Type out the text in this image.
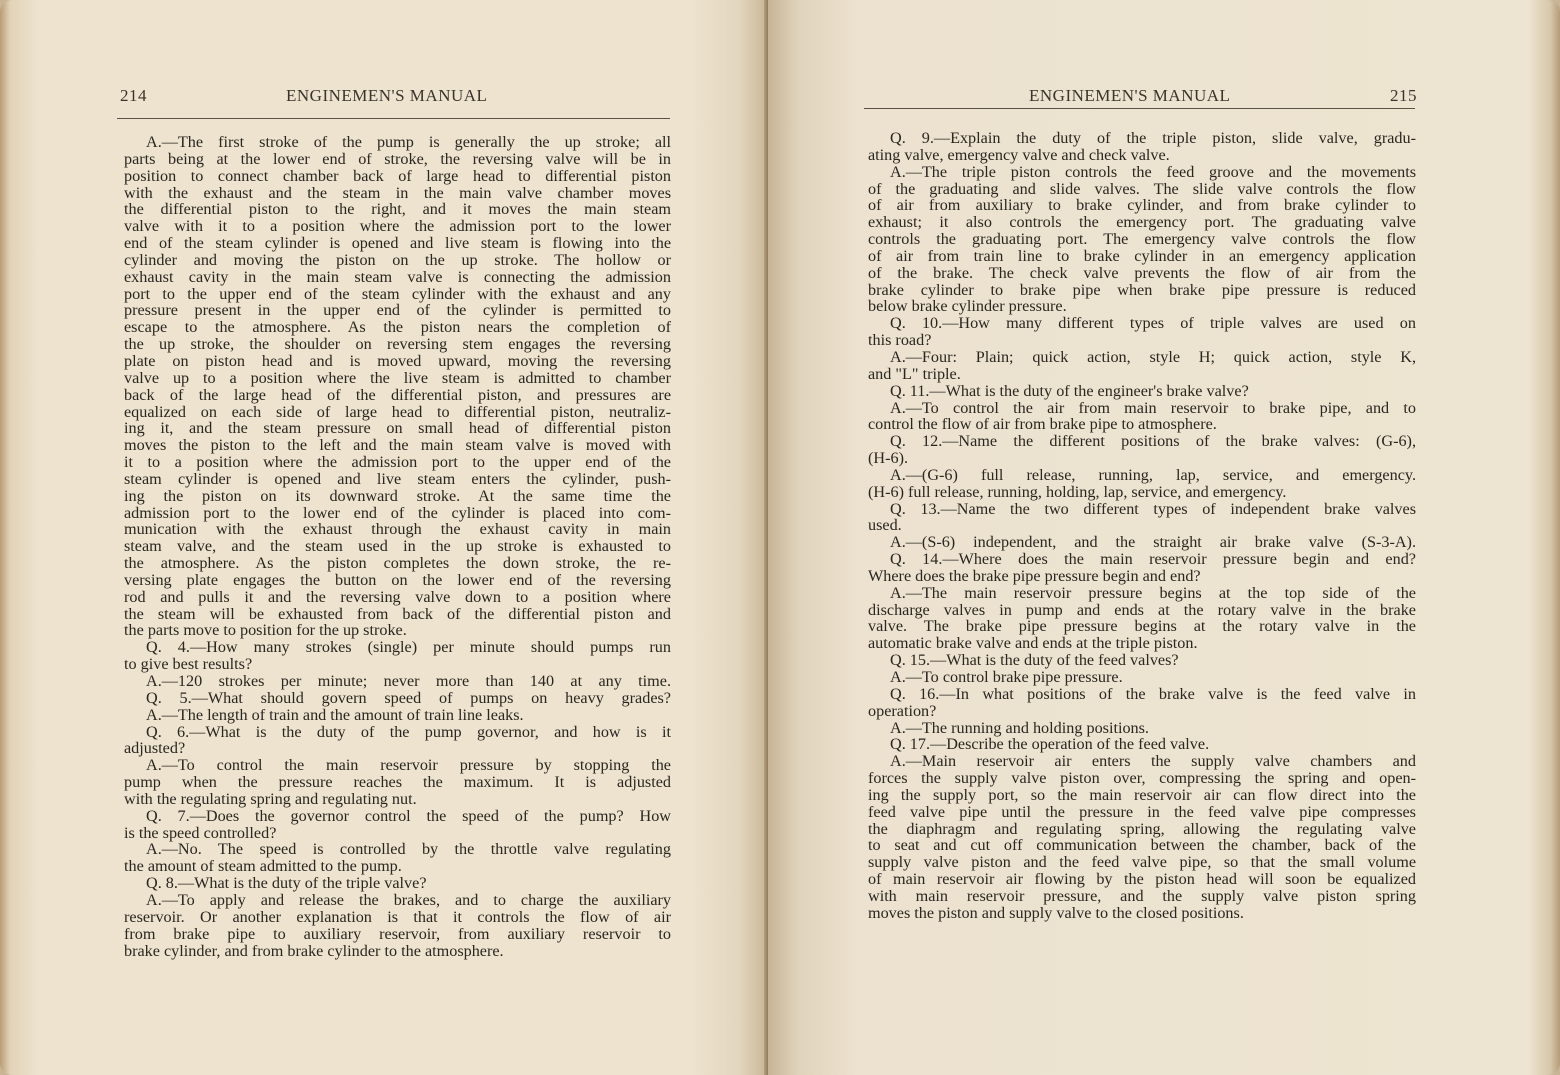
214	ENGINEMEN'S MANUAL
A.—The first stroke of the pump is generally the up stroke; all
parts being at the lower end of stroke, the reversing valve will be in
position to connect chamber back of large head to differential piston
with the exhaust and the steam in the main valve chamber moves
the differential piston to the right, and it moves the main steam
valve with it to a position where the admission port to the lower
end of the steam cylinder is opened and live steam is flowing into the
cylinder and moving the piston on the up stroke. The hollow or
exhaust cavity in the main steam valve is connecting the admission
port to the upper end of the steam cylinder with the exhaust and any
pressure present in the upper end of the cylinder is permitted to
escape to the atmosphere. As the piston nears the completion of
the up stroke, the shoulder on reversing stem engages the reversing
plate on piston head and is moved upward, moving the reversing
valve up to a position where the live steam is admitted to chamber
back of the large head of the differential piston, and pressures are
equalized on each side of large head to differential piston, neutraliz-
ing it, and the steam pressure on small head of differential piston
moves the piston to the left and the main steam valve is moved with
it to a position where the admission port to the upper end of the
steam cylinder is opened and live steam enters the cylinder, push-
ing the piston on its downward stroke. At the same time the
admission port to the lower end of the cylinder is placed into com-
munication with the exhaust through the exhaust cavity in main
steam valve, and the steam used in the up stroke is exhausted to
the atmosphere. As the piston completes the down stroke, the re-
versing plate engages the button on the lower end of the reversing
rod and pulls it and the reversing valve down to a position where
the steam will be exhausted from back of the differential piston and
the parts move to position for the up stroke.
Q. 4.—How many strokes (single) per minute should pumps run
to give best results?
A.—120 strokes per minute; never more than 140 at any time.
Q. 5.—What should govern speed of pumps on heavy grades?
A.—The length of train and the amount of train line leaks.
Q. 6.—What is the duty of the pump governor, and how is it
adjusted?
A.—To control the main reservoir pressure by stopping the
pump when the pressure reaches the maximum. It is adjusted
with the regulating spring and regulating nut.
Q. 7.—Does the governor control the speed of the pump? How
is the speed controlled?
A.—No. The speed is controlled by the throttle valve regulating
the amount of steam admitted to the pump.
Q. 8.—What is the duty of the triple valve?
A.—To apply and release the brakes, and to charge the auxiliary
reservoir. Or another explanation is that it controls the flow of air
from brake pipe to auxiliary reservoir, from auxiliary reservoir to
brake cylinder, and from brake cylinder to the atmosphere.
ENGINEMEN'S MANUAL	215
Q. 9.—Explain the duty of the triple piston, slide valve, gradu-
ating valve, emergency valve and check valve.
A.—The triple piston controls the feed groove and the movements
of the graduating and slide valves. The slide valve controls the flow
of air from auxiliary to brake cylinder, and from brake cylinder to
exhaust; it also controls the emergency port. The graduating valve
controls the graduating port. The emergency valve controls the flow
of air from train line to brake cylinder in an emergency application
of the brake. The check valve prevents the flow of air from the
brake cylinder to brake pipe when brake pipe pressure is reduced
below brake cylinder pressure.
Q. 10.—How many different types of triple valves are used on
this road?
A.—Four: Plain; quick action, style H; quick action, style K,
and "L" triple.
Q. 11.—What is the duty of the engineer's brake valve?
A.—To control the air from main reservoir to brake pipe, and to
control the flow of air from brake pipe to atmosphere.
Q. 12.—Name the different positions of the brake valves: (G-6),
(H-6).
A.—(G-6) full release, running, lap, service, and emergency.
(H-6) full release, running, holding, lap, service, and emergency.
Q. 13.—Name the two different types of independent brake valves
used.
A.—(S-6) independent, and the straight air brake valve (S-3-A).
Q. 14.—Where does the main reservoir pressure begin and end?
Where does the brake pipe pressure begin and end?
A.—The main reservoir pressure begins at the top side of the
discharge valves in pump and ends at the rotary valve in the brake
valve. The brake pipe pressure begins at the rotary valve in the
automatic brake valve and ends at the triple piston.
Q. 15.—What is the duty of the feed valves?
A.—To control brake pipe pressure.
Q. 16.—In what positions of the brake valve is the feed valve in
operation?
A.—The running and holding positions.
Q. 17.—Describe the operation of the feed valve.
A.—Main reservoir air enters the supply valve chambers and
forces the supply valve piston over, compressing the spring and open-
ing the supply port, so the main reservoir air can flow direct into the
feed valve pipe until the pressure in the feed valve pipe compresses
the diaphragm and regulating spring, allowing the regulating valve
to seat and cut off communication between the chamber, back of the
supply valve piston and the feed valve pipe, so that the small volume
of main reservoir air flowing by the piston head will soon be equalized
with main reservoir pressure, and the supply valve piston spring
moves the piston and supply valve to the closed positions.
